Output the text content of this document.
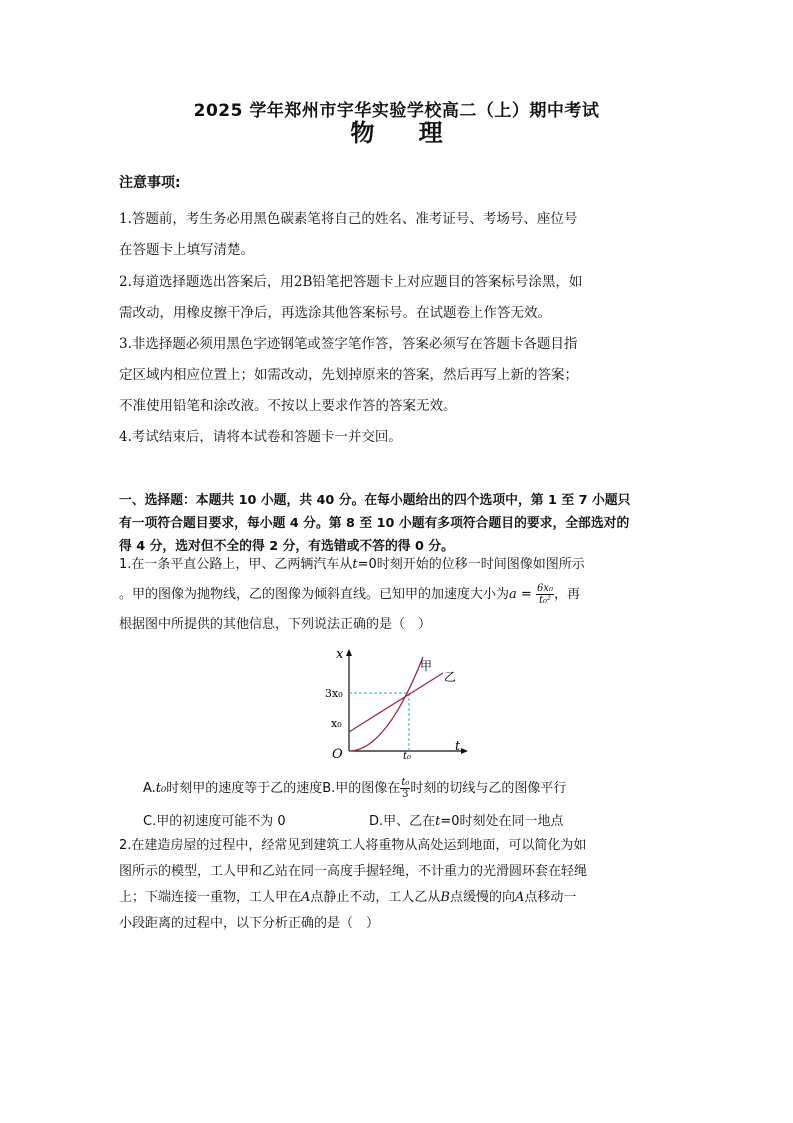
2025 学年郑州市宇华实验学校高二（上）期中考试
物 理
注意事项:

1.答题前，考生务必用黑色碳素笔将自己的姓名、准考证号、考场号、座位号
在答题卡上填写清楚。

2.每道选择题选出答案后，用2B铅笔把答题卡上对应题目的答案标号涂黑，如
需改动，用橡皮擦干净后，再选涂其他答案标号。在试题卷上作答无效。

3.非选择题必须用黑色字迹钢笔或签字笔作答，答案必须写在答题卡各题目指
定区域内相应位置上；如需改动，先划掉原来的答案，然后再写上新的答案；
不准使用铅笔和涂改液。不按以上要求作答的答案无效。

4.考试结束后，请将本试卷和答题卡一并交回。

一、选择题：本题共 10 小题，共 40 分。在每小题给出的四个选项中，第 1 至 7 小题只
有一项符合题目要求，每小题 4 分。第 8 至 10 小题有多项符合题目的要求，全部选对的
得 4 分，选对但不全的得 2 分，有选错或不答的得 0 分。

1.在一条平直公路上，甲、乙两辆汽车从t=0时刻开始的位移一时间图像如图所示
。甲的图像为抛物线，乙的图像为倾斜直线。已知甲的加速度大小为$a = \frac{\text{6x₀}}{\text{t₀²}}$ ，再
根据图中所提供的其他信息，下列说法正确的是（　）

x
t
O
3x₀
x₀
t₀
甲
乙
A.t₀时刻甲的速度等于乙的速度B.甲的图像在 $\frac{\text{t₀}}{3}$ 时刻的切线与乙的图像平行
C.甲的初速度可能不为 0	D.甲、乙在t=0时刻处在同一地点

2.在建造房屋的过程中，经常见到建筑工人将重物从高处运到地面，可以简化为如
图所示的模型，工人甲和乙站在同一高度手握轻绳，不计重力的光滑圆环套在轻绳
上；下端连接一重物，工人甲在A点静止不动，工人乙从B点缓慢的向A点移动一
小段距离的过程中，以下分析正确的是（　）
